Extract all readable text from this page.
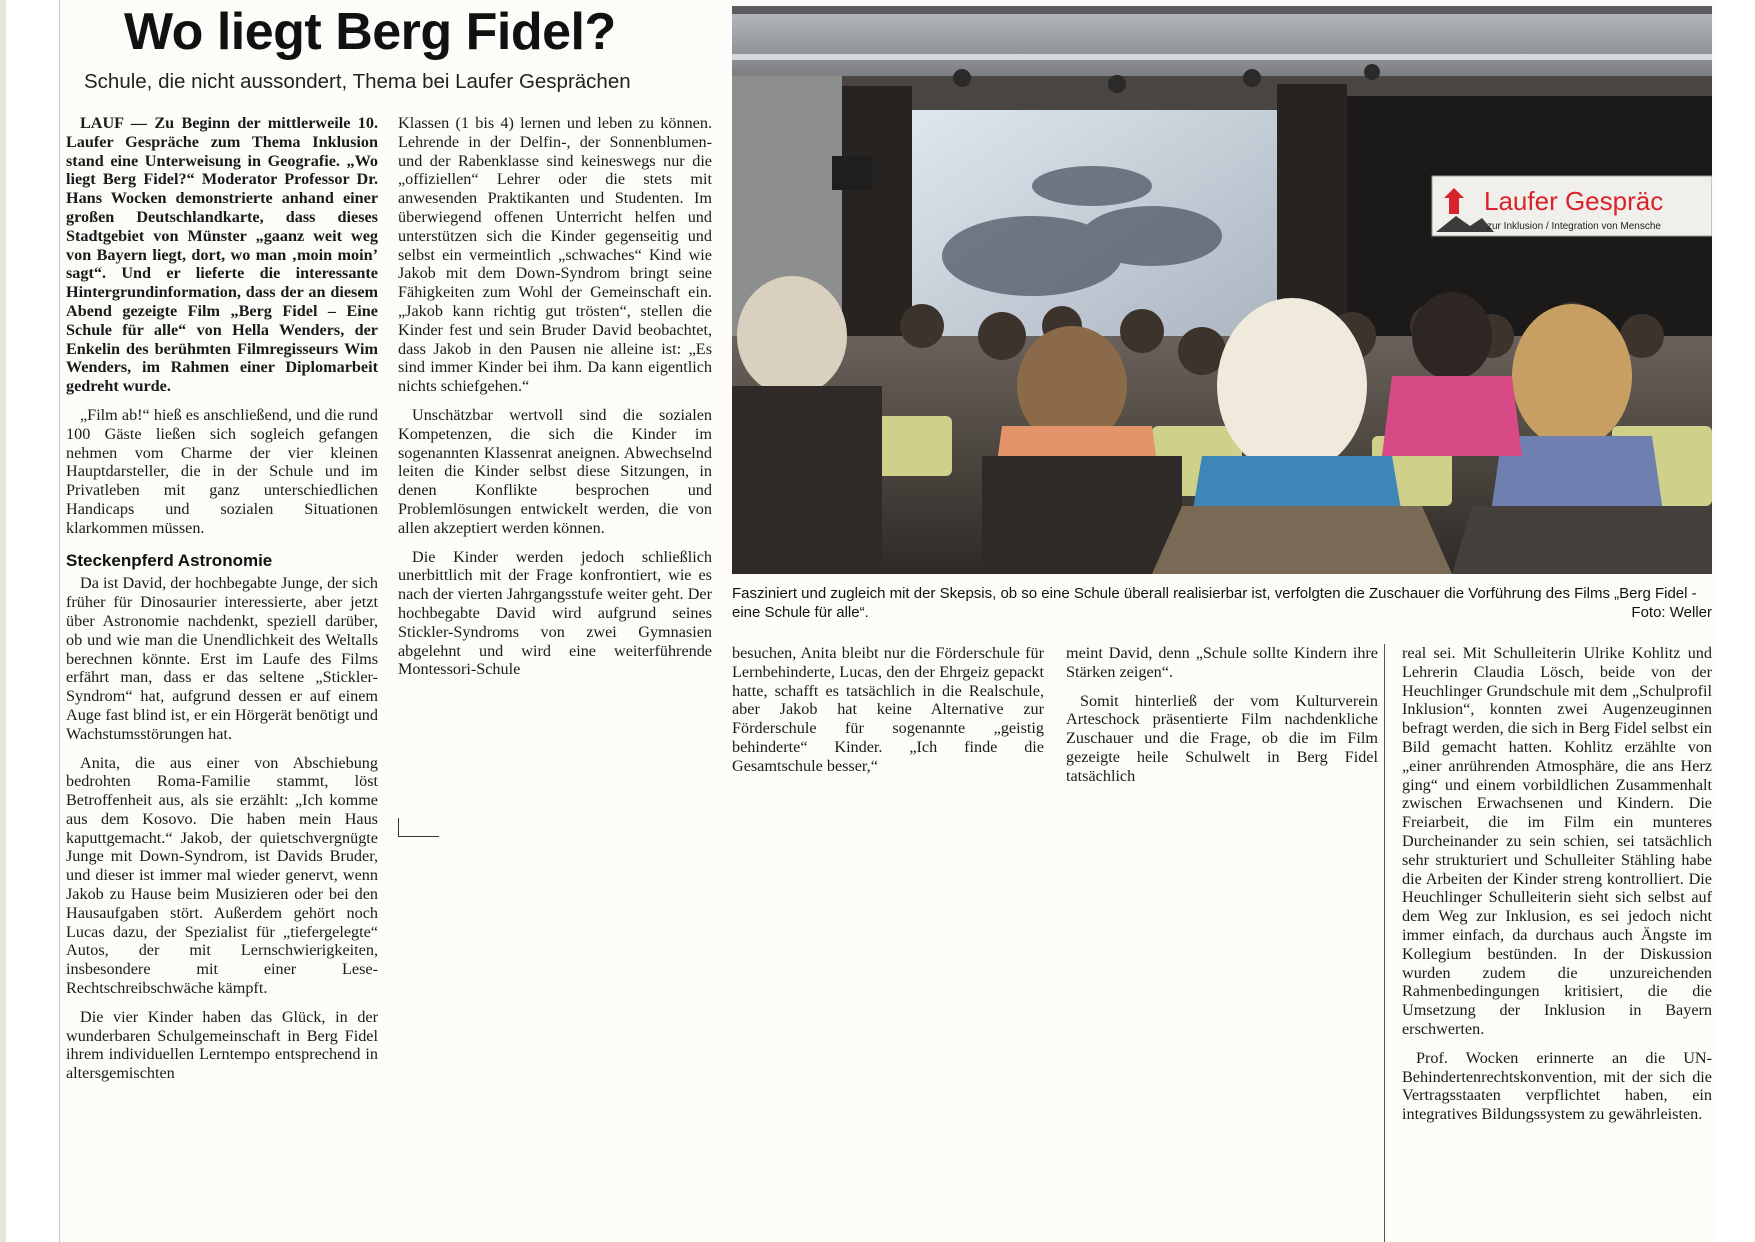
Wo liegt Berg Fidel?
Schule, die nicht aussondert, Thema bei Laufer Gesprächen

LAUF — Zu Beginn der mittlerweile 10. Laufer Gespräche zum Thema Inklusion stand eine Unterweisung in Geografie. „Wo liegt Berg Fidel?“ Moderator Professor Dr. Hans Wocken demonstrierte anhand einer großen Deutschlandkarte, dass dieses Stadtgebiet von Münster „gaanz weit weg von Bayern liegt, dort, wo man ‚moin moin’ sagt“. Und er lieferte die interessante Hintergrundinformation, dass der an diesem Abend gezeigte Film „Berg Fidel – Eine Schule für alle“ von Hella Wenders, der Enkelin des berühmten Filmregisseurs Wim Wenders, im Rahmen einer Diplomarbeit gedreht wurde.

„Film ab!“ hieß es anschließend, und die rund 100 Gäste ließen sich sogleich gefangen nehmen vom Charme der vier kleinen Hauptdarsteller, die in der Schule und im Privatleben mit ganz unterschiedlichen Handicaps und sozialen Situationen klarkommen müssen.

Steckenpferd Astronomie

Da ist David, der hochbegabte Junge, der sich früher für Dinosaurier interessierte, aber jetzt über Astronomie nachdenkt, speziell darüber, ob und wie man die Unendlichkeit des Weltalls berechnen könnte. Erst im Laufe des Films erfährt man, dass er das seltene „Stickler-Syndrom“ hat, aufgrund dessen er auf einem Auge fast blind ist, er ein Hörgerät benötigt und Wachstumsstörungen hat.

Anita, die aus einer von Abschiebung bedrohten Roma-Familie stammt, löst Betroffenheit aus, als sie erzählt: „Ich komme aus dem Kosovo. Die haben mein Haus kaputtgemacht.“ Jakob, der quietschvergnügte Junge mit Down-Syndrom, ist Davids Bruder, und dieser ist immer mal wieder genervt, wenn Jakob zu Hause beim Musizieren oder bei den Hausaufgaben stört. Außerdem gehört noch Lucas dazu, der Spezialist für „tiefergelegte“ Autos, der mit Lernschwierigkeiten, insbesondere mit einer Lese-Rechtschreibschwäche kämpft.

Die vier Kinder haben das Glück, in der wunderbaren Schulgemeinschaft in Berg Fidel ihrem individuellen Lerntempo entsprechend in altersgemischten

Klassen (1 bis 4) lernen und leben zu können. Lehrende in der Delfin-, der Sonnenblumen- und der Rabenklasse sind keineswegs nur die „offiziellen“ Lehrer oder die stets mit anwesenden Praktikanten und Studenten. Im überwiegend offenen Unterricht helfen und unterstützen sich die Kinder gegenseitig und selbst ein vermeintlich „schwaches“ Kind wie Jakob mit dem Down-Syndrom bringt seine Fähigkeiten zum Wohl der Gemeinschaft ein. „Jakob kann richtig gut trösten“, stellen die Kinder fest und sein Bruder David beobachtet, dass Jakob in den Pausen nie alleine ist: „Es sind immer Kinder bei ihm. Da kann eigentlich nichts schiefgehen.“

Unschätzbar wertvoll sind die sozialen Kompetenzen, die sich die Kinder im sogenannten Klassenrat aneignen. Abwechselnd leiten die Kinder selbst diese Sitzungen, in denen Konflikte besprochen und Problemlösungen entwickelt werden, die von allen akzeptiert werden können.

Die Kinder werden jedoch schließlich unerbittlich mit der Frage konfrontiert, wie es nach der vierten Jahrgangsstufe weiter geht. Der hochbegabte David wird aufgrund seines Stickler-Syndroms von zwei Gymnasien abgelehnt und wird eine weiterführende Montessori-Schule

Laufer Gespräc
zur Inklusion / Integration von Mensche
Fasziniert und zugleich mit der Skepsis, ob so eine Schule überall realisierbar ist, verfolgten die Zuschauer die Vorführung des Films „Berg Fidel - eine Schule für alle“.	Foto: Weller

besuchen, Anita bleibt nur die Förderschule für Lernbehinderte, Lucas, den der Ehrgeiz gepackt hatte, schafft es tatsächlich in die Realschule, aber Jakob hat keine Alternative zur Förderschule für sogenannte „geistig behinderte“ Kinder. „Ich finde die Gesamtschule besser,“

meint David, denn „Schule sollte Kindern ihre Stärken zeigen“.

Somit hinterließ der vom Kulturverein Arteschock präsentierte Film nachdenkliche Zuschauer und die Frage, ob die im Film gezeigte heile Schulwelt in Berg Fidel tatsächlich

real sei. Mit Schulleiterin Ulrike Kohlitz und Lehrerin Claudia Lösch, beide von der Heuchlinger Grundschule mit dem „Schulprofil Inklusion“, konnten zwei Augenzeuginnen befragt werden, die sich in Berg Fidel selbst ein Bild gemacht hatten. Kohlitz erzählte von „einer anrührenden Atmosphäre, die ans Herz ging“ und einem vorbildlichen Zusammenhalt zwischen Erwachsenen und Kindern. Die Freiarbeit, die im Film ein munteres Durcheinander zu sein schien, sei tatsächlich sehr strukturiert und Schulleiter Stähling habe die Arbeiten der Kinder streng kontrolliert. Die Heuchlinger Schulleiterin sieht sich selbst auf dem Weg zur Inklusion, es sei jedoch nicht immer einfach, da durchaus auch Ängste im Kollegium bestünden. In der Diskussion wurden zudem die unzureichenden Rahmenbedingungen kritisiert, die die Umsetzung der Inklusion in Bayern erschwerten.

Prof. Wocken erinnerte an die UN-Behindertenrechtskonvention, mit der sich die Vertragsstaaten verpflichtet haben, ein integratives Bildungssystem zu gewährleisten.
